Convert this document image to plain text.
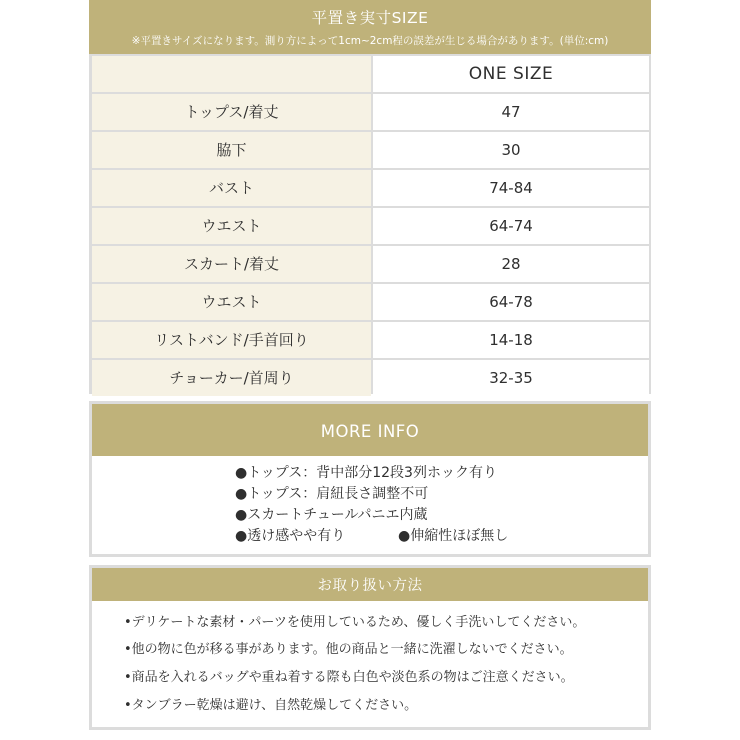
平置き実寸SIZE
※平置きサイズになります。測り方によって1cm~2cm程の誤差が生じる場合があります。(単位:cm)
ONE SIZE
トップス/着丈	47
脇下	30
バスト	74-84
ウエスト	64-74
スカート/着丈	28
ウエスト	64-78
リストバンド/手首回り	14-18
チョーカー/首周り	32-35
MORE INFO
●トップス：背中部分12段3列ホック有り
●トップス：肩紐長さ調整不可
●スカートチュールパニエ内蔵
●透け感やや有り	●伸縮性ほぼ無し
お取り扱い方法
•デリケートな素材・パーツを使用しているため、優しく手洗いしてください。
•他の物に色が移る事があります。他の商品と一緒に洗濯しないでください。
•商品を入れるバッグや重ね着する際も白色や淡色系の物はご注意ください。
•タンブラー乾燥は避け、自然乾燥してください。
